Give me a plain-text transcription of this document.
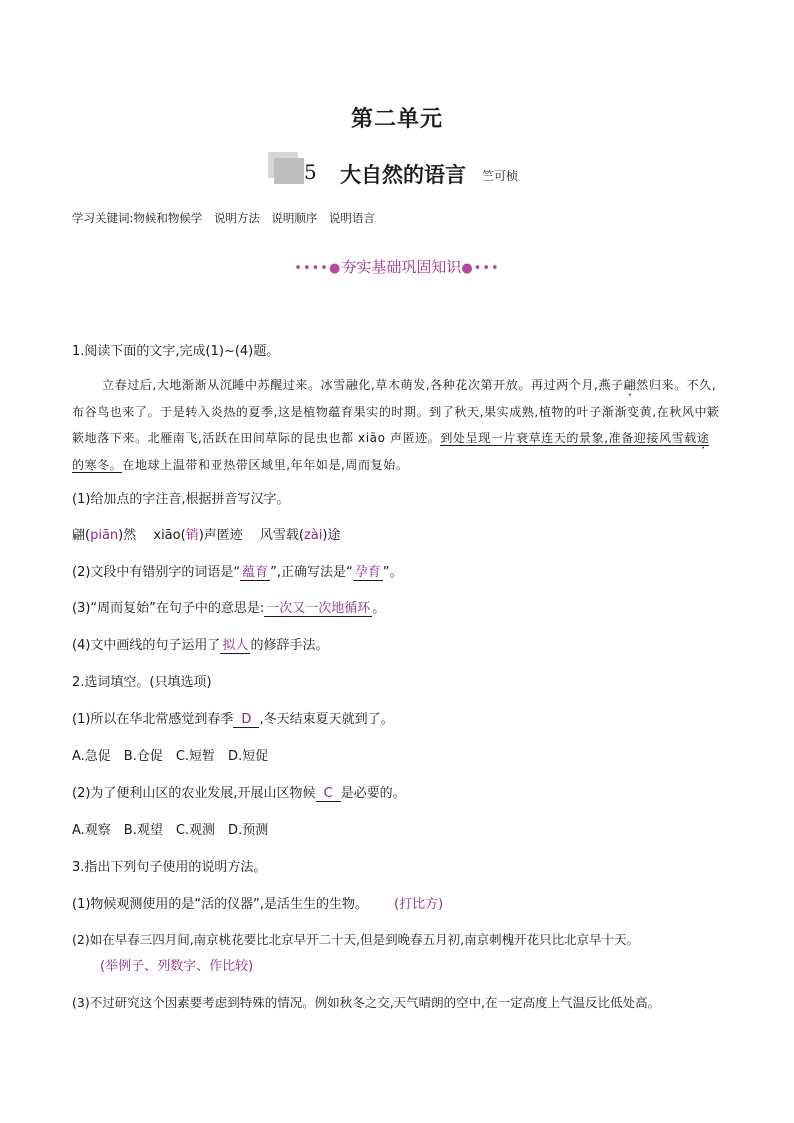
第二单元
5 大自然的语言 竺可桢
学习关键词:物候和物候学　说明方法　说明顺序　说明语言
••••●夯实基础巩固知识●•••
1.阅读下面的文字,完成(1)~(4)题。
立春过后,大地渐渐从沉睡中苏醒过来。冰雪融化,草木萌发,各种花次第开放。再过两个月,燕子翩然归来。不久,布谷鸟也来了。于是转入炎热的夏季,这是植物蕴育果实的时期。到了秋天,果实成熟,植物的叶子渐渐变黄,在秋风中簌簌地落下来。北雁南飞,活跃在田间草际的昆虫也都 xiāo 声匿迹。到处呈现一片衰草连天的景象,准备迎接风雪载途的寒冬。在地球上温带和亚热带区域里,年年如是,周而复始。
(1)给加点的字注音,根据拼音写汉字。
翩(piān)然  xiāo(销)声匿迹  风雪载(zài)途
(2)文段中有错别字的词语是“ 蕴育 ”,正确写法是“ 孕育 ”。
(3)“周而复始”在句子中的意思是: 一次又一次地循环 。
(4)文中画线的句子运用了 拟人 的修辞手法。
2.选词填空。(只填选项)
(1)所以在华北常感觉到春季 D ,冬天结束夏天就到了。
A.急促　B.仓促　C.短暂　D.短促
(2)为了便利山区的农业发展,开展山区物候 C 是必要的。
A.观察　B.观望　C.观测　D.预测
3.指出下列句子使用的说明方法。
(1)物候观测使用的是“活的仪器”,是活生生的生物。   (打比方)
(2)如在早春三四月间,南京桃花要比北京早开二十天,但是到晚春五月初,南京刺槐开花只比北京早十天。
(举例子、列数字、作比较)
(3)不过研究这个因素要考虑到特殊的情况。例如秋冬之交,天气晴朗的空中,在一定高度上气温反比低处高。
